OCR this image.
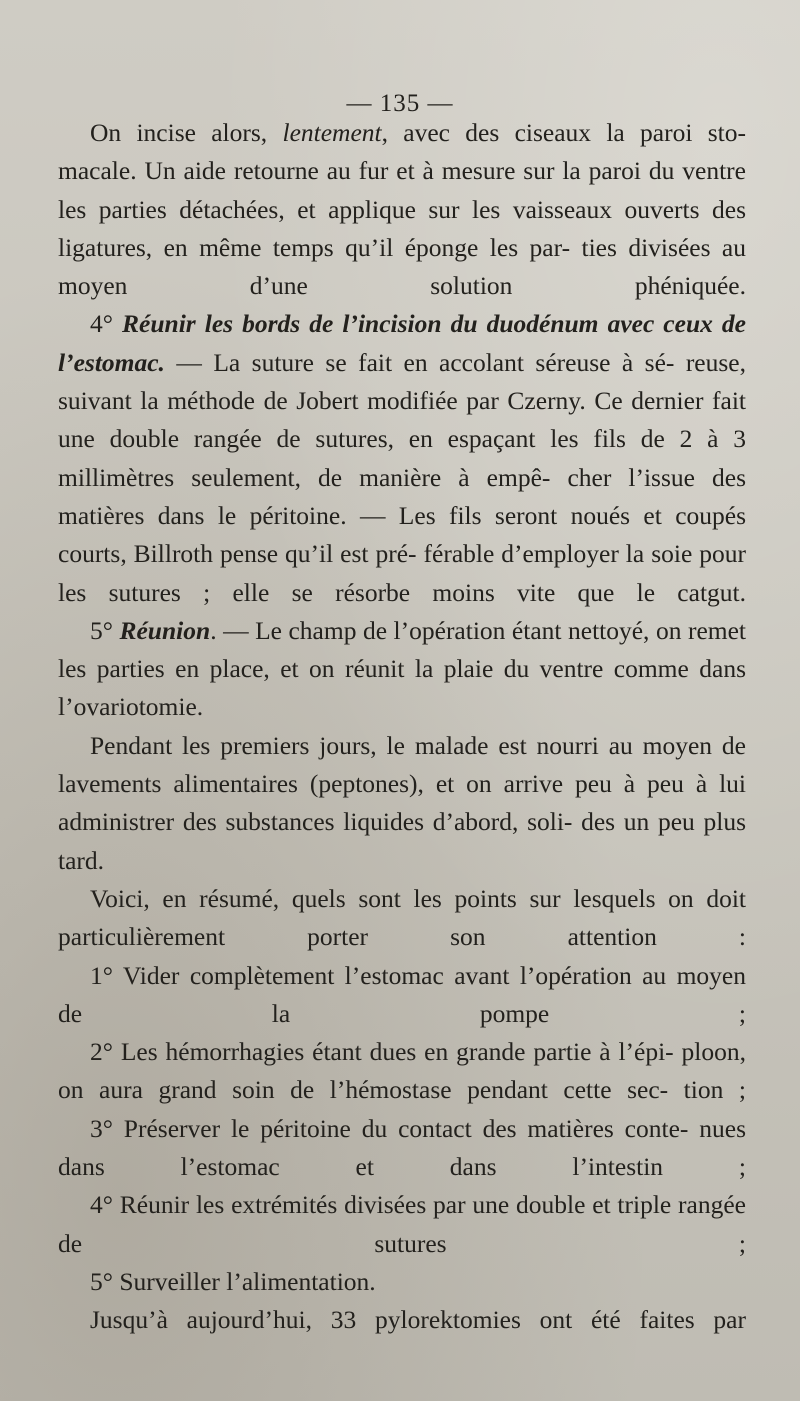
— 135 —

On incise alors, lentement, avec des ciseaux la paroi sto- macale. Un aide retourne au fur et à mesure sur la paroi du ventre les parties détachées, et applique sur les vaisseaux ouverts des ligatures, en même temps qu’il éponge les par- ties divisées au moyen d’une solution phéniquée.

4° Réunir les bords de l’incision du duodénum avec ceux de l’estomac. — La suture se fait en accolant séreuse à sé- reuse, suivant la méthode de Jobert modifiée par Czerny. Ce dernier fait une double rangée de sutures, en espaçant les fils de 2 à 3 millimètres seulement, de manière à empê- cher l’issue des matières dans le péritoine. — Les fils seront noués et coupés courts, Billroth pense qu’il est pré- férable d’employer la soie pour les sutures ; elle se résorbe moins vite que le catgut.

5° Réunion. — Le champ de l’opération étant nettoyé, on remet les parties en place, et on réunit la plaie du ventre comme dans l’ovariotomie.

Pendant les premiers jours, le malade est nourri au moyen de lavements alimentaires (peptones), et on arrive peu à peu à lui administrer des substances liquides d’abord, soli- des un peu plus tard.

Voici, en résumé, quels sont les points sur lesquels on doit particulièrement porter son attention :

1° Vider complètement l’estomac avant l’opération au moyen de la pompe ;

2° Les hémorrhagies étant dues en grande partie à l’épi- ploon, on aura grand soin de l’hémostase pendant cette sec- tion ;

3° Préserver le péritoine du contact des matières conte- nues dans l’estomac et dans l’intestin ;

4° Réunir les extrémités divisées par une double et triple rangée de sutures ;

5° Surveiller l’alimentation.

Jusqu’à aujourd’hui, 33 pylorektomies ont été faites par
